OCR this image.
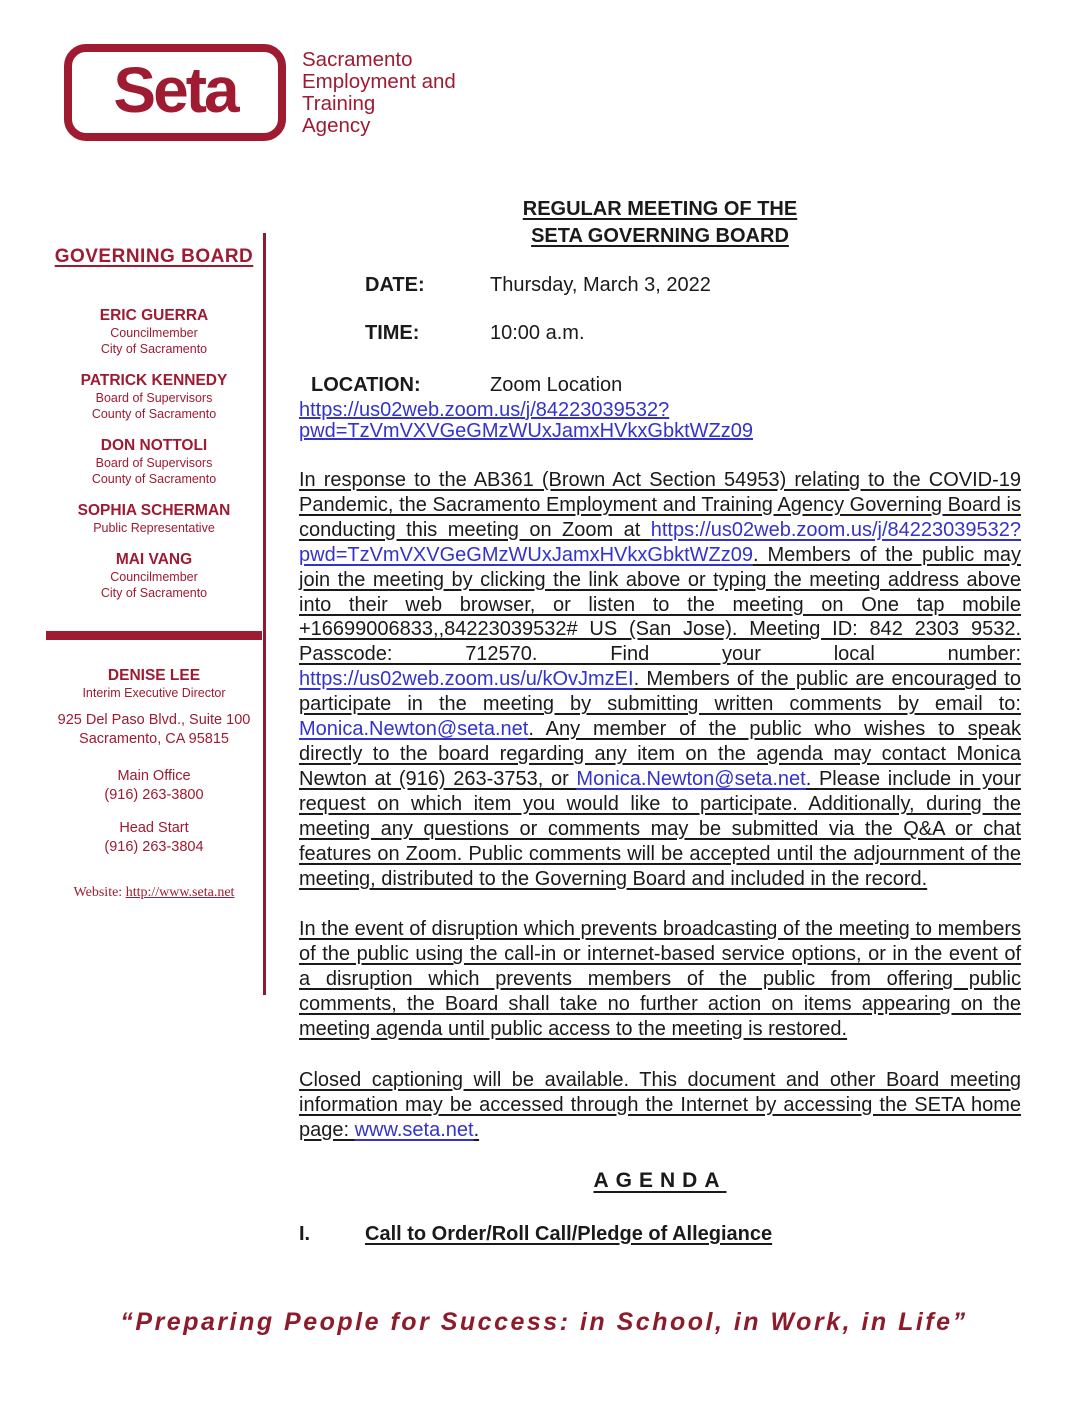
Seta	Sacramento
Employment and
Training
Agency
GOVERNING BOARD
ERIC GUERRA
Councilmember
City of Sacramento
PATRICK KENNEDY
Board of Supervisors
County of Sacramento
DON NOTTOLI
Board of Supervisors
County of Sacramento
SOPHIA SCHERMAN
Public Representative
MAI VANG
Councilmember
City of Sacramento
DENISE LEE
Interim Executive Director
925 Del Paso Blvd., Suite 100
Sacramento, CA 95815
Main Office
(916) 263-3800
Head Start
(916) 263-3804
Website: http://www.seta.net
REGULAR MEETING OF THE
SETA GOVERNING BOARD
DATE:	Thursday, March 3, 2022
TIME:	10:00 a.m.
LOCATION:	Zoom Location
https://us02web.zoom.us/j/84223039532?pwd=TzVmVXVGeGMzWUxJamxHVkxGbktWZz09

In response to the AB361 (Brown Act Section 54953) relating to the COVID-19 Pandemic, the Sacramento Employment and Training Agency Governing Board is conducting this meeting on Zoom at https://us02web.zoom.us/j/84223039532?pwd=TzVmVXVGeGMzWUxJamxHVkxGbktWZz09. Members of the public may join the meeting by clicking the link above or typing the meeting address above into their web browser, or listen to the meeting on One tap mobile +16699006833,,84223039532# US (San Jose). Meeting ID: 842 2303 9532. Passcode: 712570. Find your local number: https://us02web.zoom.us/u/kOvJmzEI. Members of the public are encouraged to participate in the meeting by submitting written comments by email to: Monica.Newton@seta.net. Any member of the public who wishes to speak directly to the board regarding any item on the agenda may contact Monica Newton at (916) 263-3753, or Monica.Newton@seta.net. Please include in your request on which item you would like to participate. Additionally, during the meeting any questions or comments may be submitted via the Q&A or chat features on Zoom. Public comments will be accepted until the adjournment of the meeting, distributed to the Governing Board and included in the record.

In the event of disruption which prevents broadcasting of the meeting to members of the public using the call-in or internet-based service options, or in the event of a disruption which prevents members of the public from offering public comments, the Board shall take no further action on items appearing on the meeting agenda until public access to the meeting is restored.

Closed captioning will be available. This document and other Board meeting information may be accessed through the Internet by accessing the SETA home page: www.seta.net.

AGENDA
I.	Call to Order/Roll Call/Pledge of Allegiance
“Preparing People for Success: in School, in Work, in Life”
